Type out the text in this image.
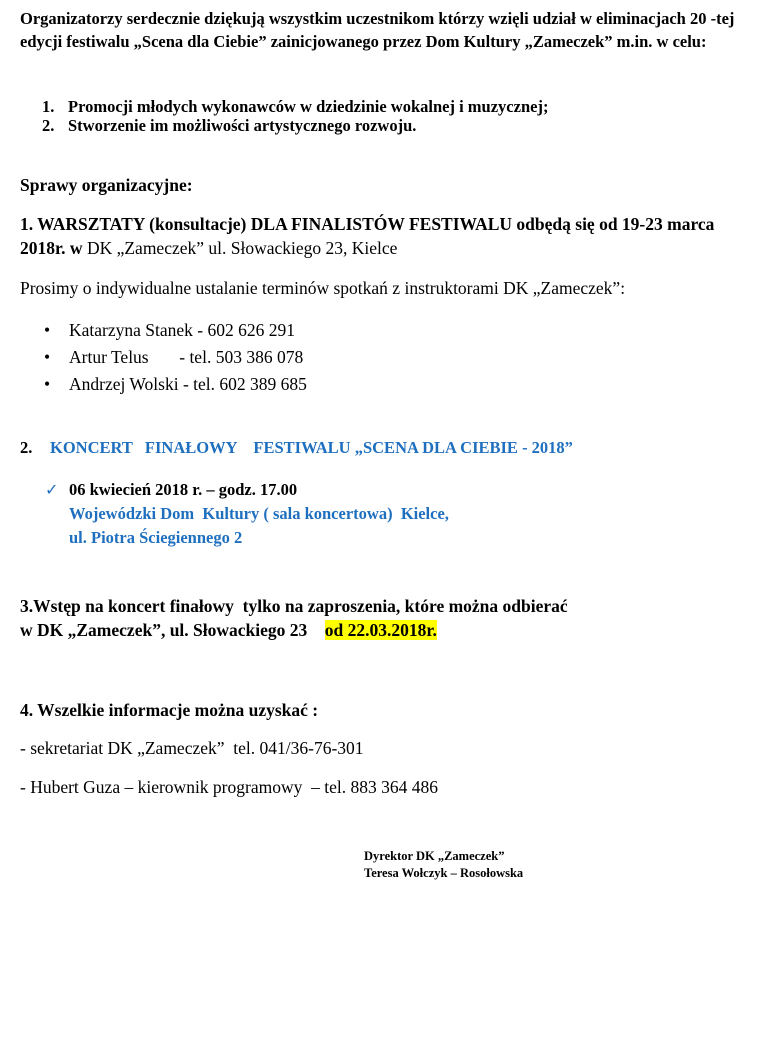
Organizatorzy serdecznie dziękują wszystkim uczestnikom którzy wzięli udział w eliminacjach 20 -tej edycji festiwalu „Scena dla Ciebie” zainicjowanego przez Dom Kultury „Zameczek” m.in. w celu:
1. Promocji młodych wykonawców w dziedzinie wokalnej i muzycznej;
2. Stworzenie im możliwości artystycznego rozwoju.
Sprawy organizacyjne:
1. WARSZTATY (konsultacje) DLA FINALISTÓW FESTIWALU odbędą się od 19-23 marca 2018r. w DK „Zameczek” ul. Słowackiego 23, Kielce
Prosimy o indywidualne ustalanie terminów spotkań z instruktorami DK „Zameczek”:
• Katarzyna Stanek - 602 626 291
• Artur Telus       - tel. 503 386 078
• Andrzej Wolski - tel. 602 389 685
2. KONCERT   FINAŁOWY    FESTIWALU „SCENA DLA CIEBIE - 2018”
✓ 06 kwiecień 2018 r. – godz. 17.00
Wojewódzki Dom  Kultury ( sala koncertowa)  Kielce,
ul. Piotra Ściegiennego 2
3.Wstęp na koncert finałowy  tylko na zaproszenia, które można odbierać
w DK „Zameczek”, ul. Słowackiego 23 od 22.03.2018r.
4. Wszelkie informacje można uzyskać :
- sekretariat DK „Zameczek”  tel. 041/36-76-301
- Hubert Guza – kierownik programowy  – tel. 883 364 486
Dyrektor DK „Zameczek”
Teresa Wołczyk – Rosołowska
